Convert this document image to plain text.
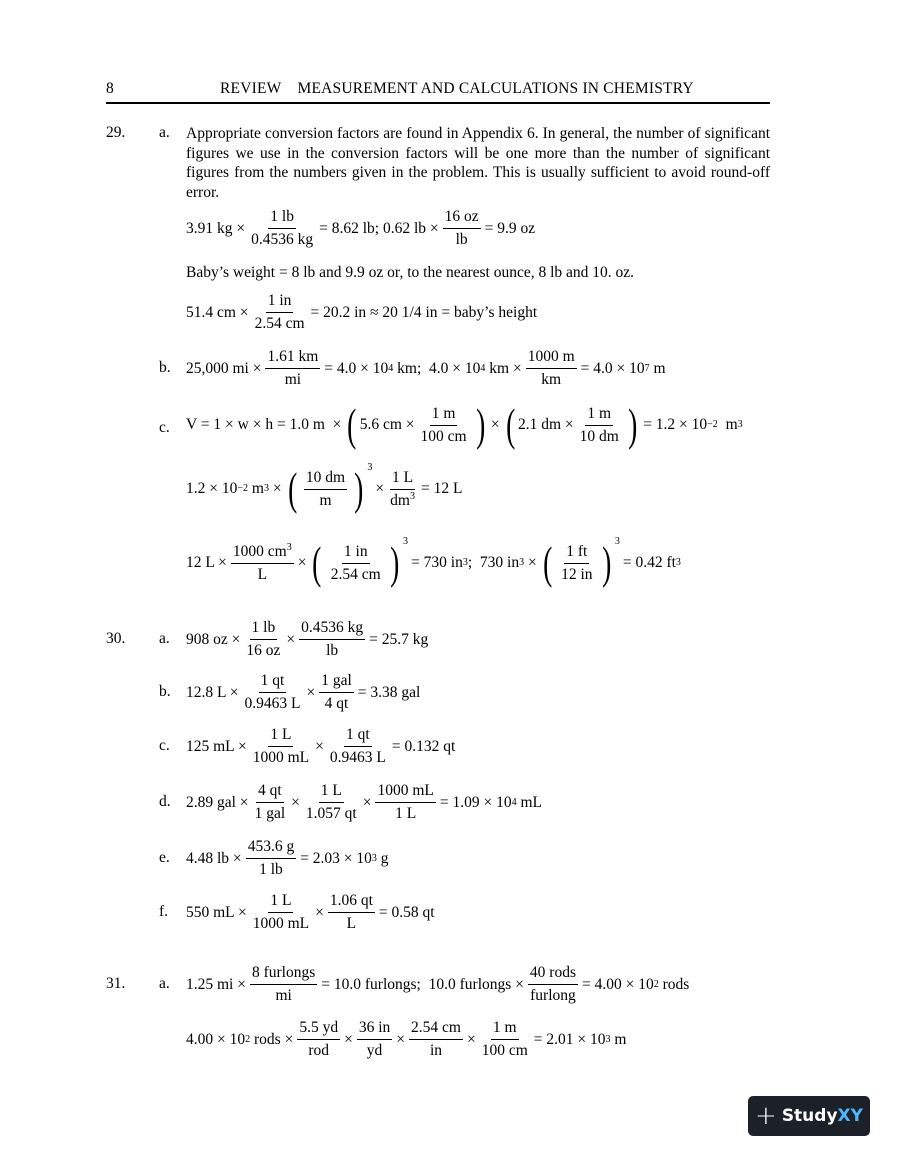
8	REVIEW    MEASUREMENT AND CALCULATIONS IN CHEMISTRY
29. a. Appropriate conversion factors are found in Appendix 6. In general, the number of significant figures we use in the conversion factors will be one more than the number of significant figures from the numbers given in the problem. This is usually sufficient to avoid round-off error.
3.91 kg × $\frac{1 lb}{0.4536 kg} = 8.62$ lb; 0.62 lb × $\frac{16 oz}{lb} = 9.9$ oz
Baby’s weight = 8 lb and 9.9 oz or, to the nearest ounce, 8 lb and 10. oz.
51.4 cm × $\frac{1 in}{2.54 cm} = 20.2$ in ≈ 20 1/4 in = baby’s height
b. 25,000 mi × $\frac{1.61 km}{mi} = 4.0 \times 10$ 4 km;  4.0 × 10 4 km × $\frac{1000 m}{km} = 4.0 \times 10$ 7 m
c. V = 1 × w × h = 1.0 m  × ( 5.6 cm × $\frac{1 m}{100 cm}$ ) × ( 2.1 dm × $\frac{1 m}{10 dm}$ ) = 1.2 × 10 −2 m 3
1.2 × 10 −2 m 3 × ( $\frac{10 dm}{m}$ ) 3
× $\frac{1 L}{dm^3} = 12$ L
12 $L \times \frac{1000 cm^3}{L}$ × ( $\frac{1 in}{2.54 cm}$ ) 3
= 730 in 3 ;  730 in 3 × ( $\frac{1 ft}{12 in}$ ) 3
= 0.42 ft 3
30. a. 908 oz × $\frac{1 lb}{16 oz} \times \frac{0.4536 kg}{lb} = 25.7$ kg
b. 12.8 $L \times \frac{1 qt}{0.9463 L} \times \frac{\text{1 gal}}{4 qt} = 3.38$ gal
c. 125 mL × $\frac{1 L}{1000 mL} \times \frac{1 qt}{0.9463 L} = 0.132$ qt
d. 2.89 gal × $\frac{4 qt}{\text{1 gal}} \times \frac{1 L}{1.057 qt} \times \frac{1000 mL}{1 L} = 1.09 \times 10$ 4 mL
e. 4.48 lb × $\frac{453.6 g}{1 lb} = 2.03 \times 10$ 3 g
f. 550 mL × $\frac{1 L}{1000 mL} \times \frac{1.06 qt}{L} = 0.58$ qt
31. a. 1.25 mi × $\frac{\text{8 furlongs}}{mi} = 10.0$ furlongs;  10.0 furlongs × $\frac{\text{40 rods}}{\text{furlong}} = 4.00 \times 10$ 2 rods
4.00 × 10 2 rods × $\frac{5.5 yd}{\text{rod}} \times \frac{36 in}{yd} \times \frac{2.54 cm}{in} \times \frac{1 m}{100 cm} = 2.01 \times 10$ 3 m
+ Study XY
